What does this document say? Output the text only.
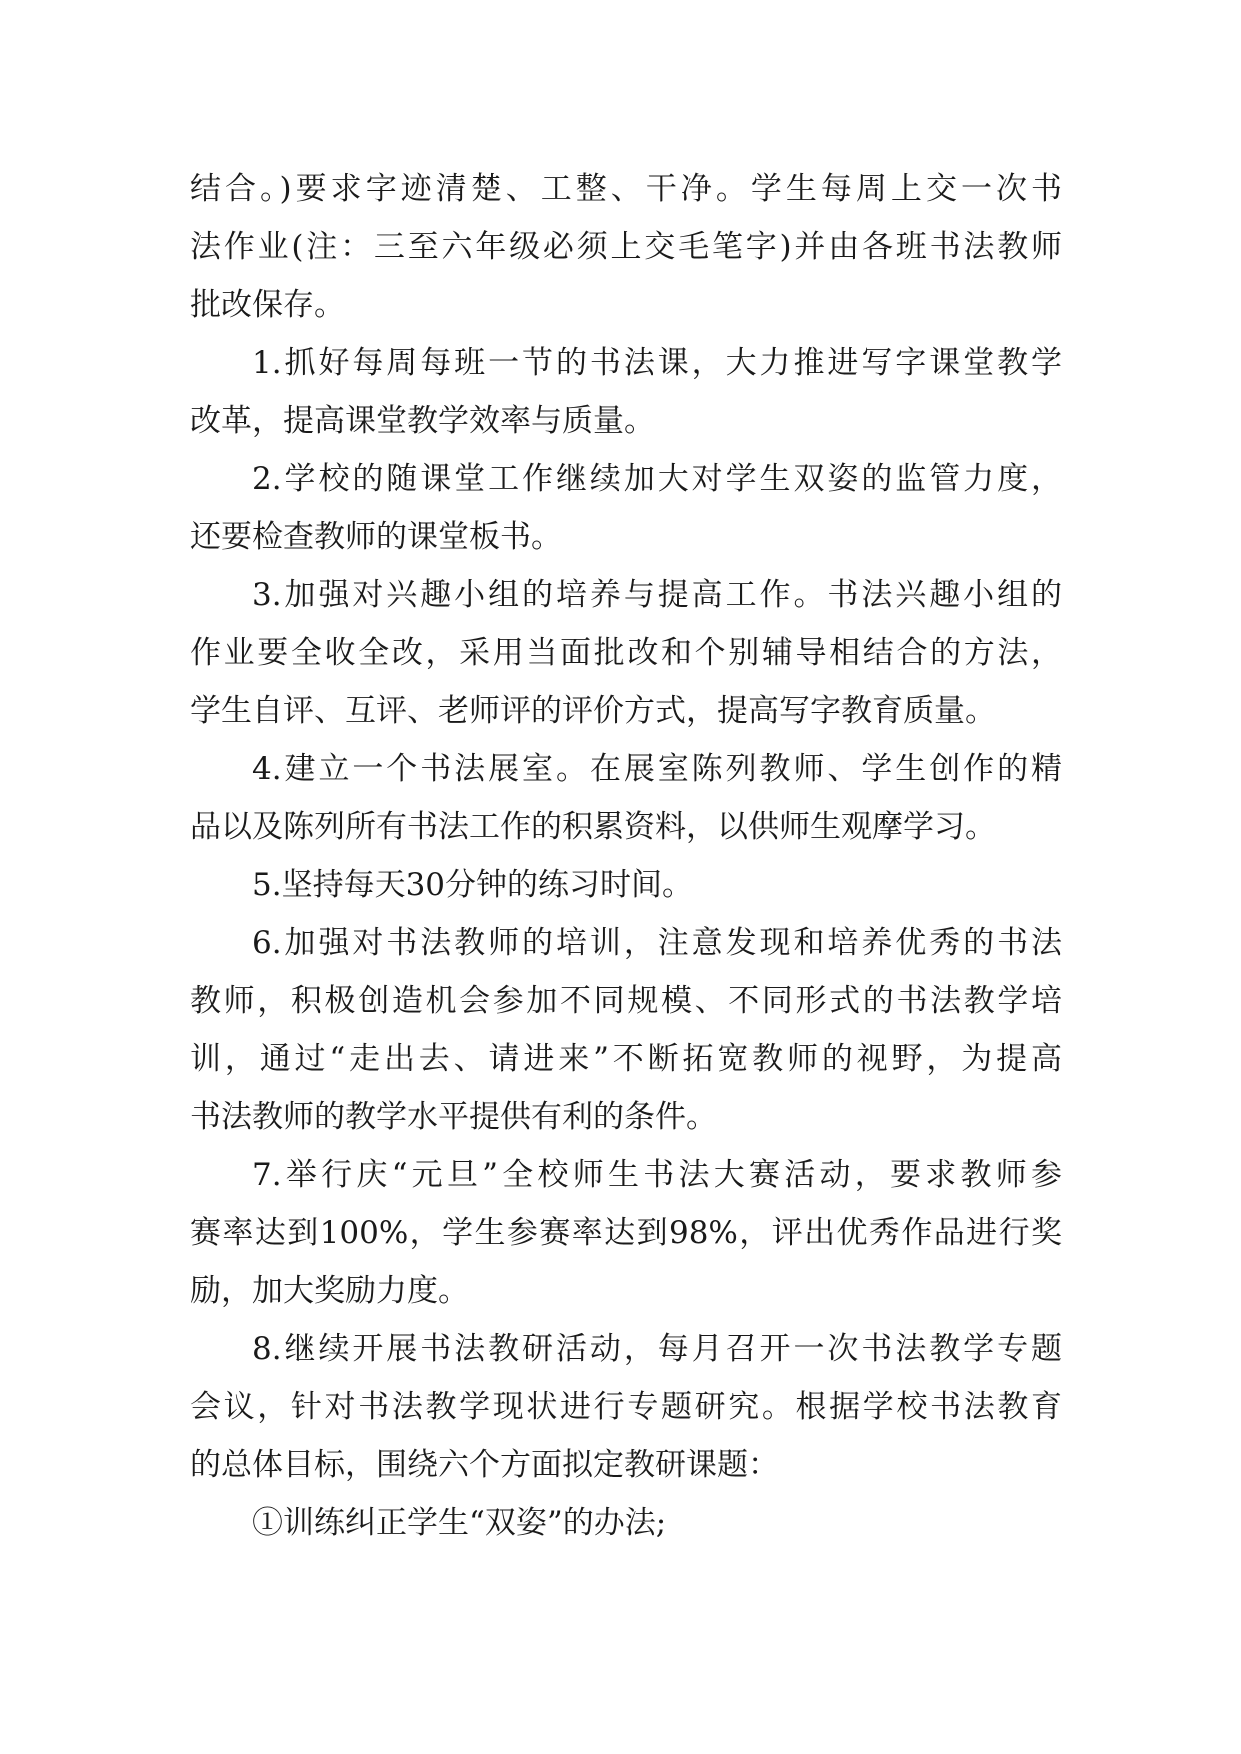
结合。)要求字迹清楚、工整、干净。学生每周上交一次书
法作业(注：三至六年级必须上交毛笔字)并由各班书法教师
批改保存。
1.抓好每周每班一节的书法课，大力推进写字课堂教学
改革，提高课堂教学效率与质量。
2.学校的随课堂工作继续加大对学生双姿的监管力度，
还要检查教师的课堂板书。
3.加强对兴趣小组的培养与提高工作。书法兴趣小组的
作业要全收全改，采用当面批改和个别辅导相结合的方法，
学生自评、互评、老师评的评价方式，提高写字教育质量。
4.建立一个书法展室。在展室陈列教师、学生创作的精
品以及陈列所有书法工作的积累资料，以供师生观摩学习。
5.坚持每天30分钟的练习时间。
6.加强对书法教师的培训，注意发现和培养优秀的书法
教师，积极创造机会参加不同规模、不同形式的书法教学培
训，通过“走出去、请进来”不断拓宽教师的视野，为提高
书法教师的教学水平提供有利的条件。
7.举行庆“元旦”全校师生书法大赛活动，要求教师参
赛率达到100%，学生参赛率达到98%，评出优秀作品进行奖
励，加大奖励力度。
8.继续开展书法教研活动，每月召开一次书法教学专题
会议，针对书法教学现状进行专题研究。根据学校书法教育
的总体目标，围绕六个方面拟定教研课题：
①训练纠正学生“双姿”的办法;
